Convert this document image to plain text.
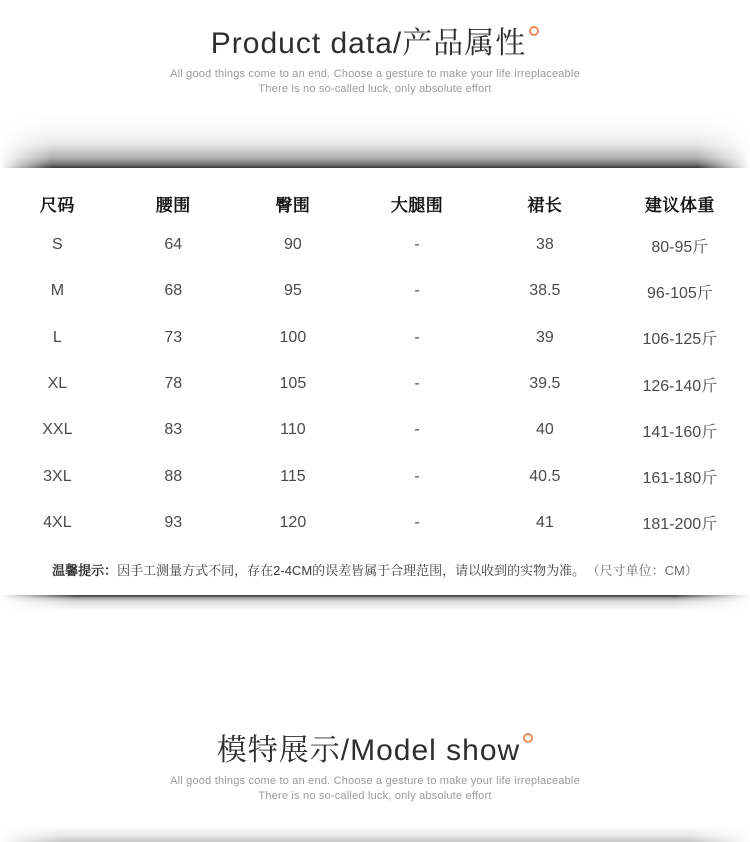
Product data/产品属性
All good things come to an end. Choose a gesture to make your life irreplaceable
There is no so-called luck, only absolute effort
尺码	腰围	臀围	大腿围	裙长	建议体重
S	64	90	-	38	80-95斤
M	68	95	-	38.5	96-105斤
L	73	100	-	39	106-125斤
XL	78	105	-	39.5	126-140斤
XXL	83	110	-	40	141-160斤
3XL	88	115	-	40.5	161-180斤
4XL	93	120	-	41	181-200斤
温馨提示：因手工测量方式不同，存在2-4CM的误差皆属于合理范围，请以收到的实物为准。 （尺寸单位：CM）
模特展示/Model show
All good things come to an end. Choose a gesture to make your life irreplaceable
There is no so-called luck, only absolute effort
